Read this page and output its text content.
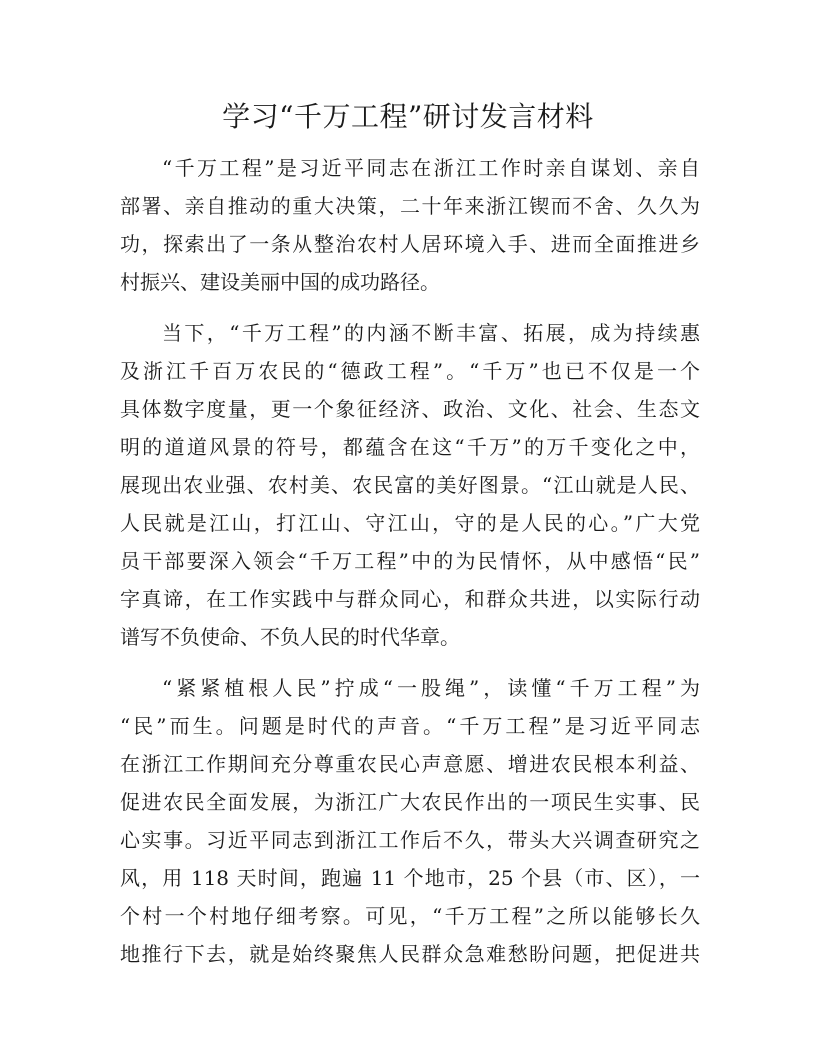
学习“千万工程”研讨发言材料
“千万工程”是习近平同志在浙江工作时亲自谋划、亲自
部署、亲自推动的重大决策，二十年来浙江锲而不舍、久久为
功，探索出了一条从整治农村人居环境入手、进而全面推进乡
村振兴、建设美丽中国的成功路径。
当下，“千万工程”的内涵不断丰富、拓展，成为持续惠
及浙江千百万农民的“德政工程”。“千万”也已不仅是一个
具体数字度量，更一个象征经济、政治、文化、社会、生态文
明的道道风景的符号，都蕴含在这“千万”的万千变化之中，
展现出农业强、农村美、农民富的美好图景。“江山就是人民、
人民就是江山，打江山、守江山，守的是人民的心。”广大党
员干部要深入领会“千万工程”中的为民情怀，从中感悟“民”
字真谛，在工作实践中与群众同心，和群众共进，以实际行动
谱写不负使命、不负人民的时代华章。
“紧紧植根人民”拧成“一股绳”，读懂“千万工程”为
“民”而生。问题是时代的声音。“千万工程”是习近平同志
在浙江工作期间充分尊重农民心声意愿、增进农民根本利益、
促进农民全面发展，为浙江广大农民作出的一项民生实事、民
心实事。习近平同志到浙江工作后不久，带头大兴调查研究之
风，用 118 天时间，跑遍 11 个地市，25 个县（市、区），一
个村一个村地仔细考察。可见，“千万工程”之所以能够长久
地推行下去，就是始终聚焦人民群众急难愁盼问题，把促进共
